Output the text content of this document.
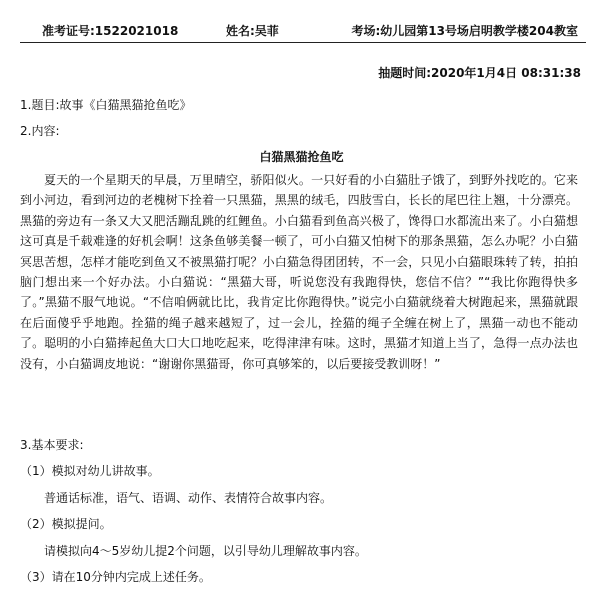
准考证号:1522021018	姓名:吴菲	考场:幼儿园第13号场启明教学楼204教室
抽题时间:2020年1月4日 08:31:38
1.题目:故事《白猫黑猫抢鱼吃》
2.内容:
白猫黑猫抢鱼吃

夏天的一个星期天的早晨，万里晴空，骄阳似火。一只好看的小白猫肚子饿了，到野外找吃的。它来到小河边，看到河边的老槐树下拴着一只黑猫，黑黑的绒毛，四肢雪白，长长的尾巴往上翘，十分漂亮。黑猫的旁边有一条又大又肥活蹦乱跳的红鲤鱼。小白猫看到鱼高兴极了，馋得口水都流出来了。小白猫想这可真是千载难逢的好机会啊！这条鱼够美餐一顿了，可小白猫又怕树下的那条黑猫，怎么办呢？小白猫冥思苦想，怎样才能吃到鱼又不被黑猫打呢？小白猫急得团团转，不一会，只见小白猫眼珠转了转，拍拍脑门想出来一个好办法。小白猫说：“黑猫大哥，听说您没有我跑得快，您信不信？”“我比你跑得快多了。”黑猫不服气地说。“不信咱俩就比比，我肯定比你跑得快。”说完小白猫就绕着大树跑起来，黑猫就跟在后面傻乎乎地跑。拴猫的绳子越来越短了，过一会儿，拴猫的绳子全缠在树上了，黑猫一动也不能动了。聪明的小白猫捧起鱼大口大口地吃起来，吃得津津有味。这时，黑猫才知道上当了，急得一点办法也没有，小白猫调皮地说：“谢谢你黑猫哥，你可真够笨的，以后要接受教训呀！”

3.基本要求:
（1）模拟对幼儿讲故事。
普通话标准，语气、语调、动作、表情符合故事内容。
（2）模拟提问。
请模拟向4～5岁幼儿提2个问题，以引导幼儿理解故事内容。
（3）请在10分钟内完成上述任务。
